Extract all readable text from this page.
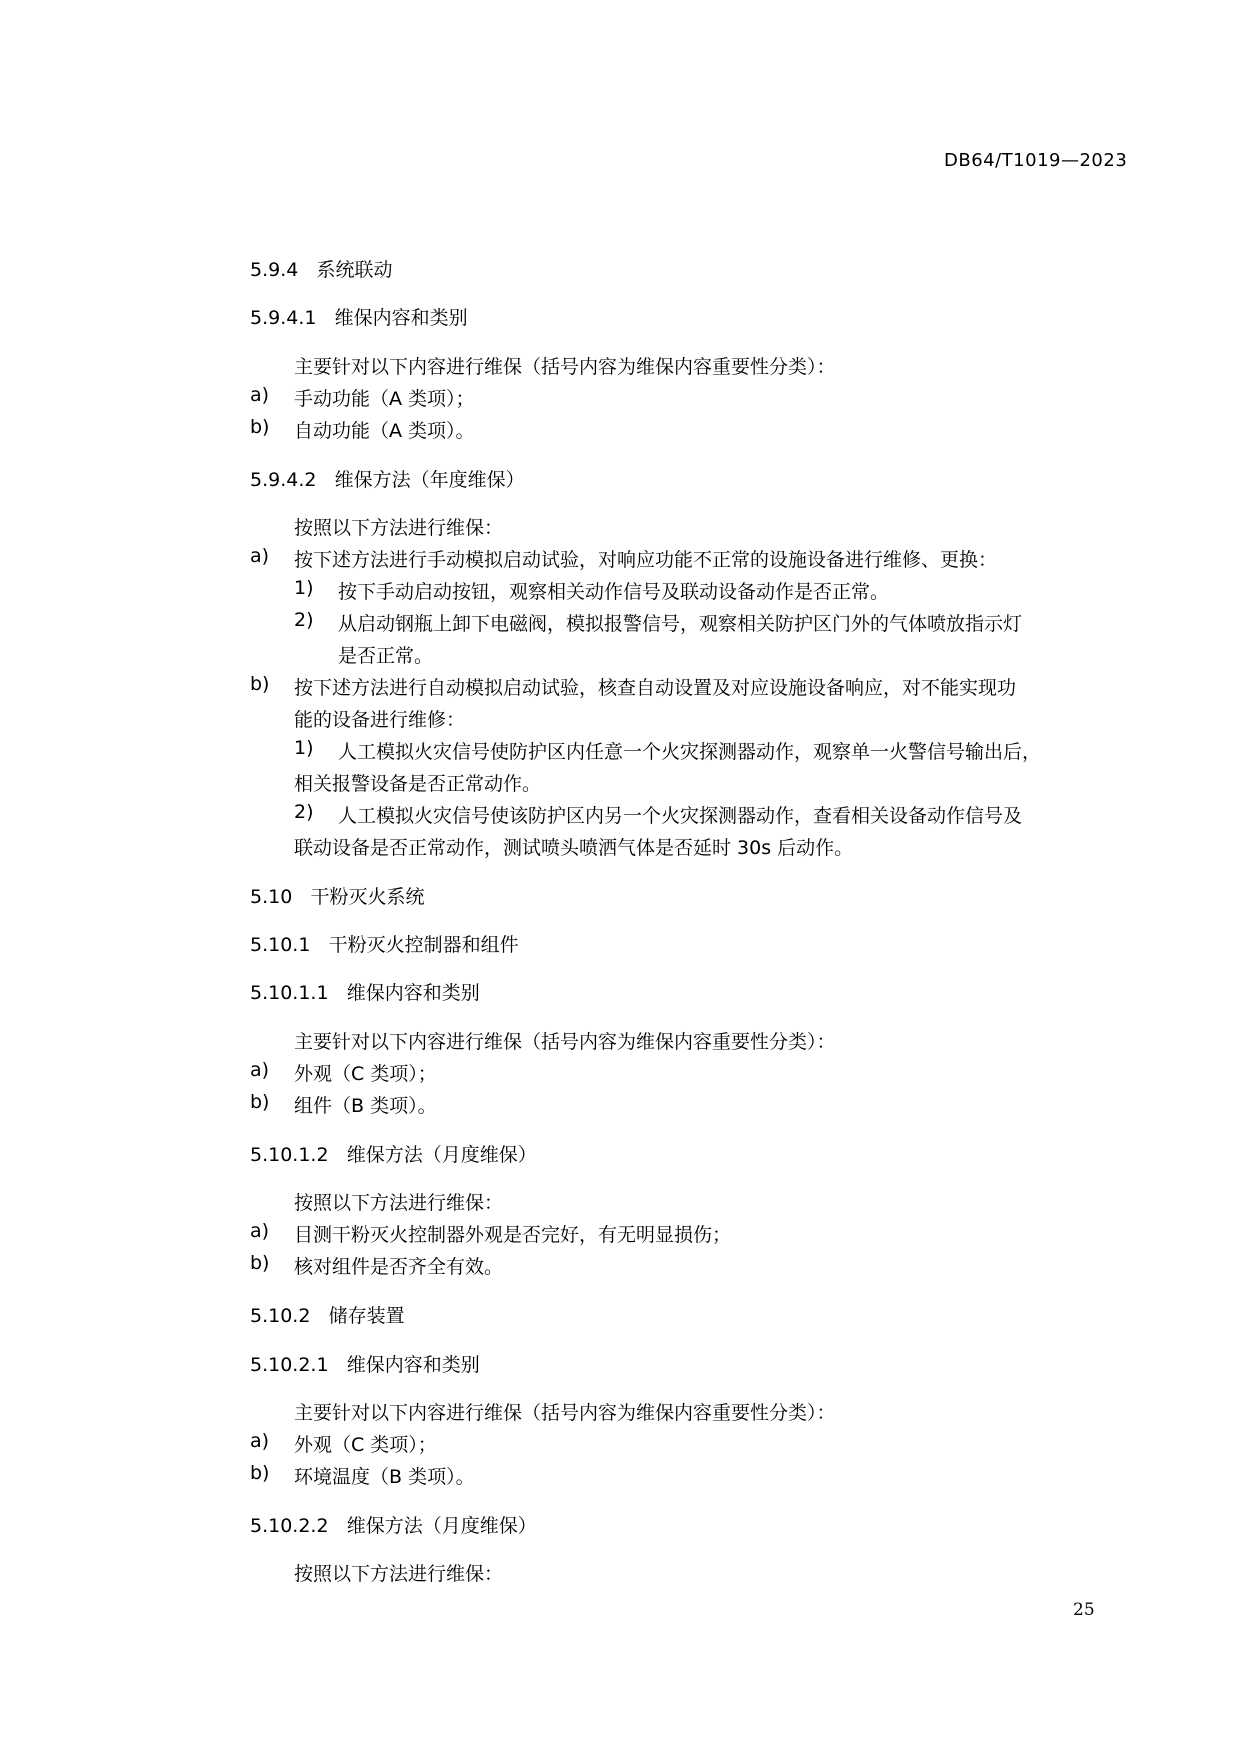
DB64/T1019—2023
5.9.4 系统联动
5.9.4.1 维保内容和类别
主要针对以下内容进行维保（括号内容为维保内容重要性分类）：
a) 手动功能（A 类项）；
b) 自动功能（A 类项）。
5.9.4.2 维保方法（年度维保）
按照以下方法进行维保：
a) 按下述方法进行手动模拟启动试验，对响应功能不正常的设施设备进行维修、更换：
1) 按下手动启动按钮，观察相关动作信号及联动设备动作是否正常。
2) 从启动钢瓶上卸下电磁阀，模拟报警信号，观察相关防护区门外的气体喷放指示灯
是否正常。
b) 按下述方法进行自动模拟启动试验，核查自动设置及对应设施设备响应，对不能实现功
能的设备进行维修：
1) 人工模拟火灾信号使防护区内任意一个火灾探测器动作，观察单一火警信号输出后，
相关报警设备是否正常动作。
2) 人工模拟火灾信号使该防护区内另一个火灾探测器动作，查看相关设备动作信号及
联动设备是否正常动作，测试喷头喷洒气体是否延时 30s 后动作。
5.10 干粉灭火系统
5.10.1 干粉灭火控制器和组件
5.10.1.1 维保内容和类别
主要针对以下内容进行维保（括号内容为维保内容重要性分类）：
a) 外观（C 类项）；
b) 组件（B 类项）。
5.10.1.2 维保方法（月度维保）
按照以下方法进行维保：
a) 目测干粉灭火控制器外观是否完好，有无明显损伤；
b) 核对组件是否齐全有效。
5.10.2 储存装置
5.10.2.1 维保内容和类别
主要针对以下内容进行维保（括号内容为维保内容重要性分类）：
a) 外观（C 类项）；
b) 环境温度（B 类项）。
5.10.2.2 维保方法（月度维保）
按照以下方法进行维保：
25
